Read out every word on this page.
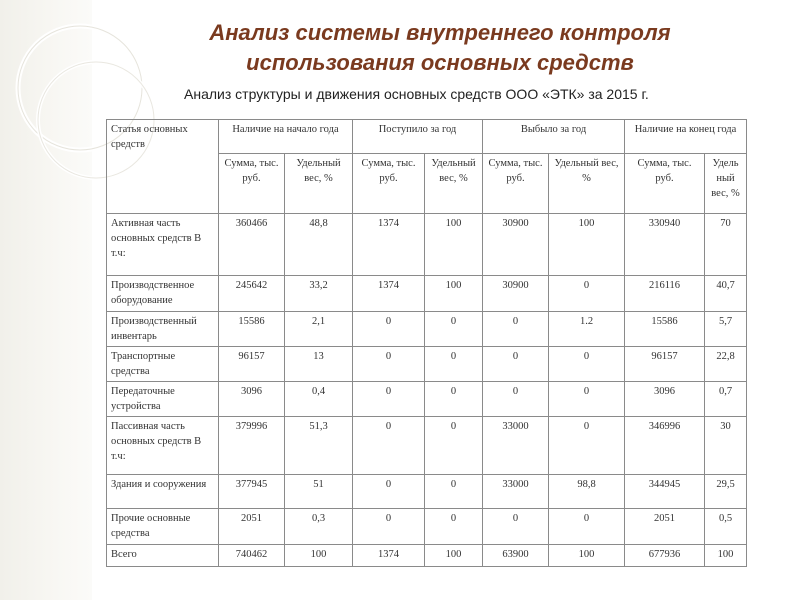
Анализ системы внутреннего контроля
использования основных средств
Анализ структуры и движения основных средств ООО «ЭТК» за 2015 г.
Статья основных средств	Наличие на начало года		Поступило за год		Выбыло за год		Наличие на конец года	
	Сумма, тыс. руб.	Удельный вес, %	Сумма, тыс. руб.	Удельный вес, %	Сумма, тыс. руб.	Удельный вес, %	Сумма, тыс. руб.	Удель ный вес, %
Активная часть основных средств В т.ч:	360466	48,8	1374	100	30900	100	330940	70
Производственное оборудование	245642	33,2	1374	100	30900	0	216116	40,7
Производственный инвентарь	15586	2,1	0	0	0	1.2	15586	5,7
Транспортные средства	96157	13	0	0	0	0	96157	22,8
Передаточные устройства	3096	0,4	0	0	0	0	3096	0,7
Пассивная часть основных средств В т.ч:	379996	51,3	0	0	33000	0	346996	30
Здания и сооружения	377945	51	0	0	33000	98,8	344945	29,5
Прочие основные средства	2051	0,3	0	0	0	0	2051	0,5
Всего	740462	100	1374	100	63900	100	677936	100
